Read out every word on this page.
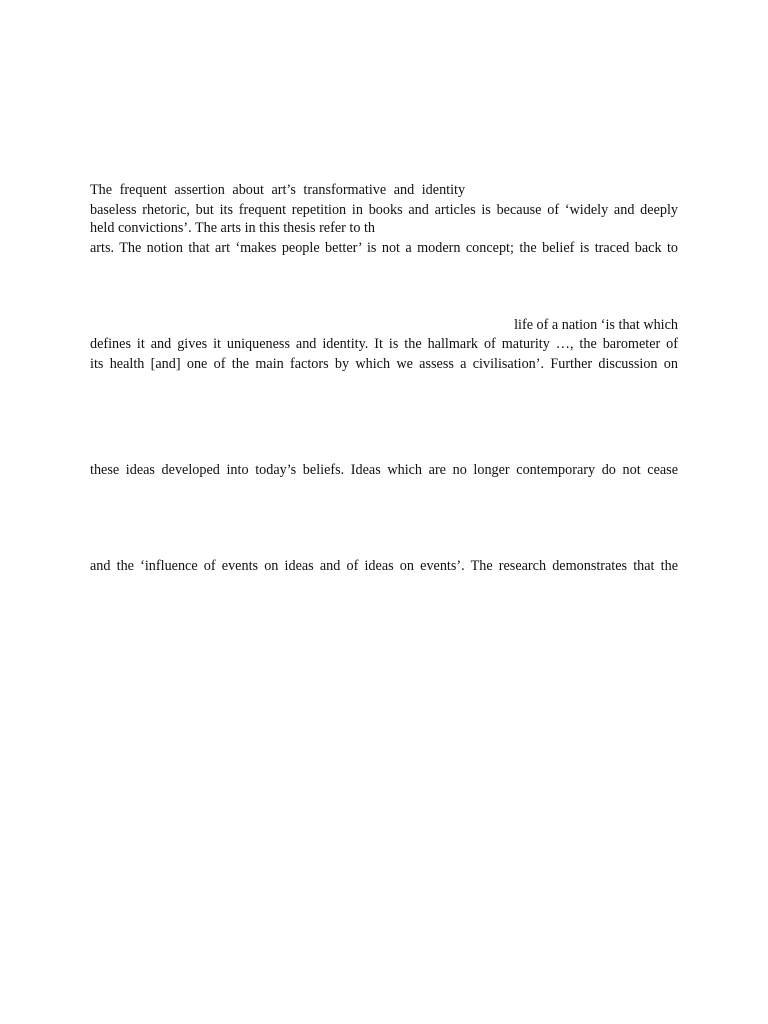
The frequent assertion about art’s transformative and identity
baseless rhetoric, but its frequent repetition in books and articles is because of ‘widely and deeply
held convictions’. The arts in this thesis refer to th
arts. The notion that art ‘makes people better’ is not a modern concept; the belief is traced back to
life of a nation ‘is that which
defines it and gives it uniqueness and identity. It is the hallmark of maturity …, the barometer of
its health [and] one of the main factors by which we assess a civilisation’. Further discussion on
these ideas developed into today’s beliefs. Ideas which are no longer contemporary do not cease
and the ‘influence of events on ideas and of ideas on events’. The research demonstrates that the
